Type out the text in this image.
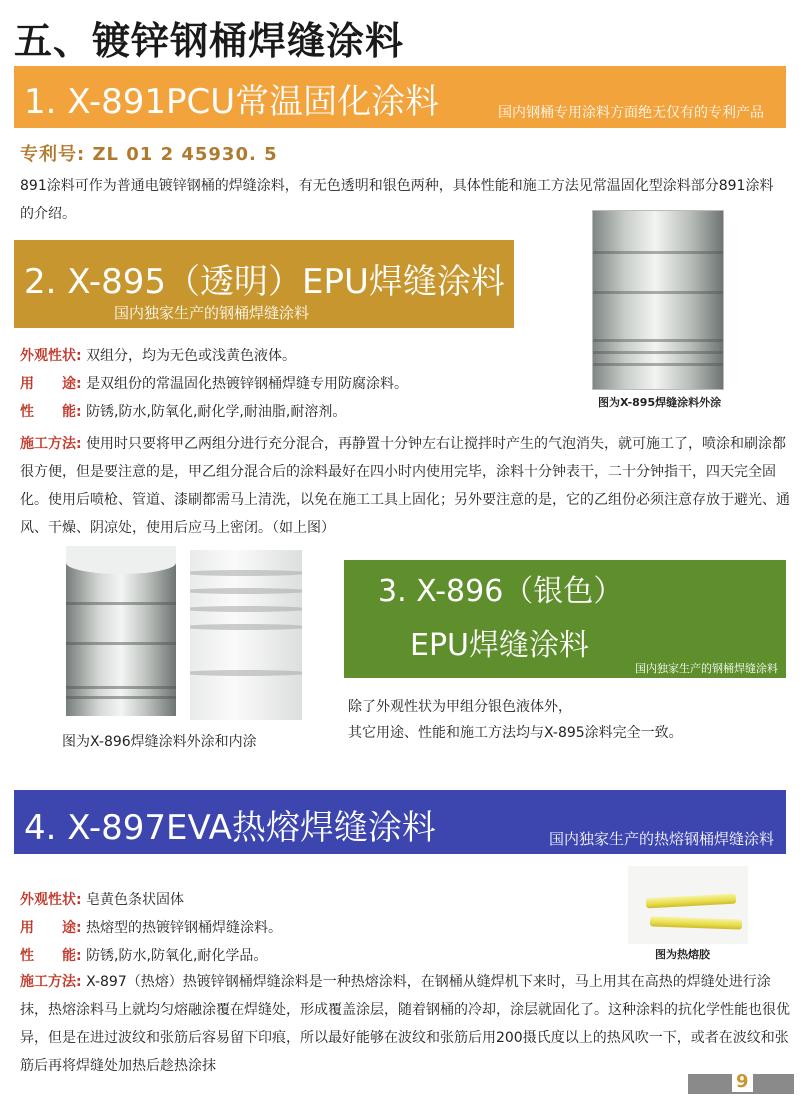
五、镀锌钢桶焊缝涂料
1. X-891PCU常温固化涂料	国内钢桶专用涂料方面绝无仅有的专利产品
专利号: ZL 01 2 45930. 5
891涂料可作为普通电镀锌钢桶的焊缝涂料，有无色透明和银色两种，具体性能和施工方法见常温固化型涂料部分891涂料的介绍。
2. X-895（透明）EPU焊缝涂料
国内独家生产的钢桶焊缝涂料
图为X-895焊缝涂料外涂
外观性状: 双组分，均为无色或浅黄色液体。
用　　途: 是双组份的常温固化热镀锌钢桶焊缝专用防腐涂料。
性　　能: 防锈,防水,防氧化,耐化学,耐油脂,耐溶剂。
施工方法: 使用时只要将甲乙两组分进行充分混合，再静置十分钟左右让搅拌时产生的气泡消失，就可施工了，喷涂和刷涂都很方便，但是要注意的是，甲乙组分混合后的涂料最好在四小时内使用完毕，涂料十分钟表干，二十分钟指干，四天完全固化。使用后喷枪、管道、漆刷都需马上清洗，以免在施工工具上固化；另外要注意的是，它的乙组份必须注意存放于避光、通风、干燥、阴凉处，使用后应马上密闭。（如上图）
图为X-896焊缝涂料外涂和内涂
3. X-896（银色）
EPU焊缝涂料
国内独家生产的钢桶焊缝涂料
除了外观性状为甲组分银色液体外，
其它用途、性能和施工方法均与X-895涂料完全一致。
4. X-897EVA热熔焊缝涂料	国内独家生产的热熔钢桶焊缝涂料
图为热熔胶
外观性状: 皂黄色条状固体
用　　途: 热熔型的热镀锌钢桶焊缝涂料。
性　　能: 防锈,防水,防氧化,耐化学品。
施工方法: X-897（热熔）热镀锌钢桶焊缝涂料是一种热熔涂料，在钢桶从缝焊机下来时，马上用其在高热的焊缝处进行涂抹，热熔涂料马上就均匀熔融涂覆在焊缝处，形成覆盖涂层，随着钢桶的冷却，涂层就固化了。这种涂料的抗化学性能也很优异，但是在进过波纹和张筋后容易留下印痕，所以最好能够在波纹和张筋后用200摄氏度以上的热风吹一下，或者在波纹和张筋后再将焊缝处加热后趁热涂抹
9
